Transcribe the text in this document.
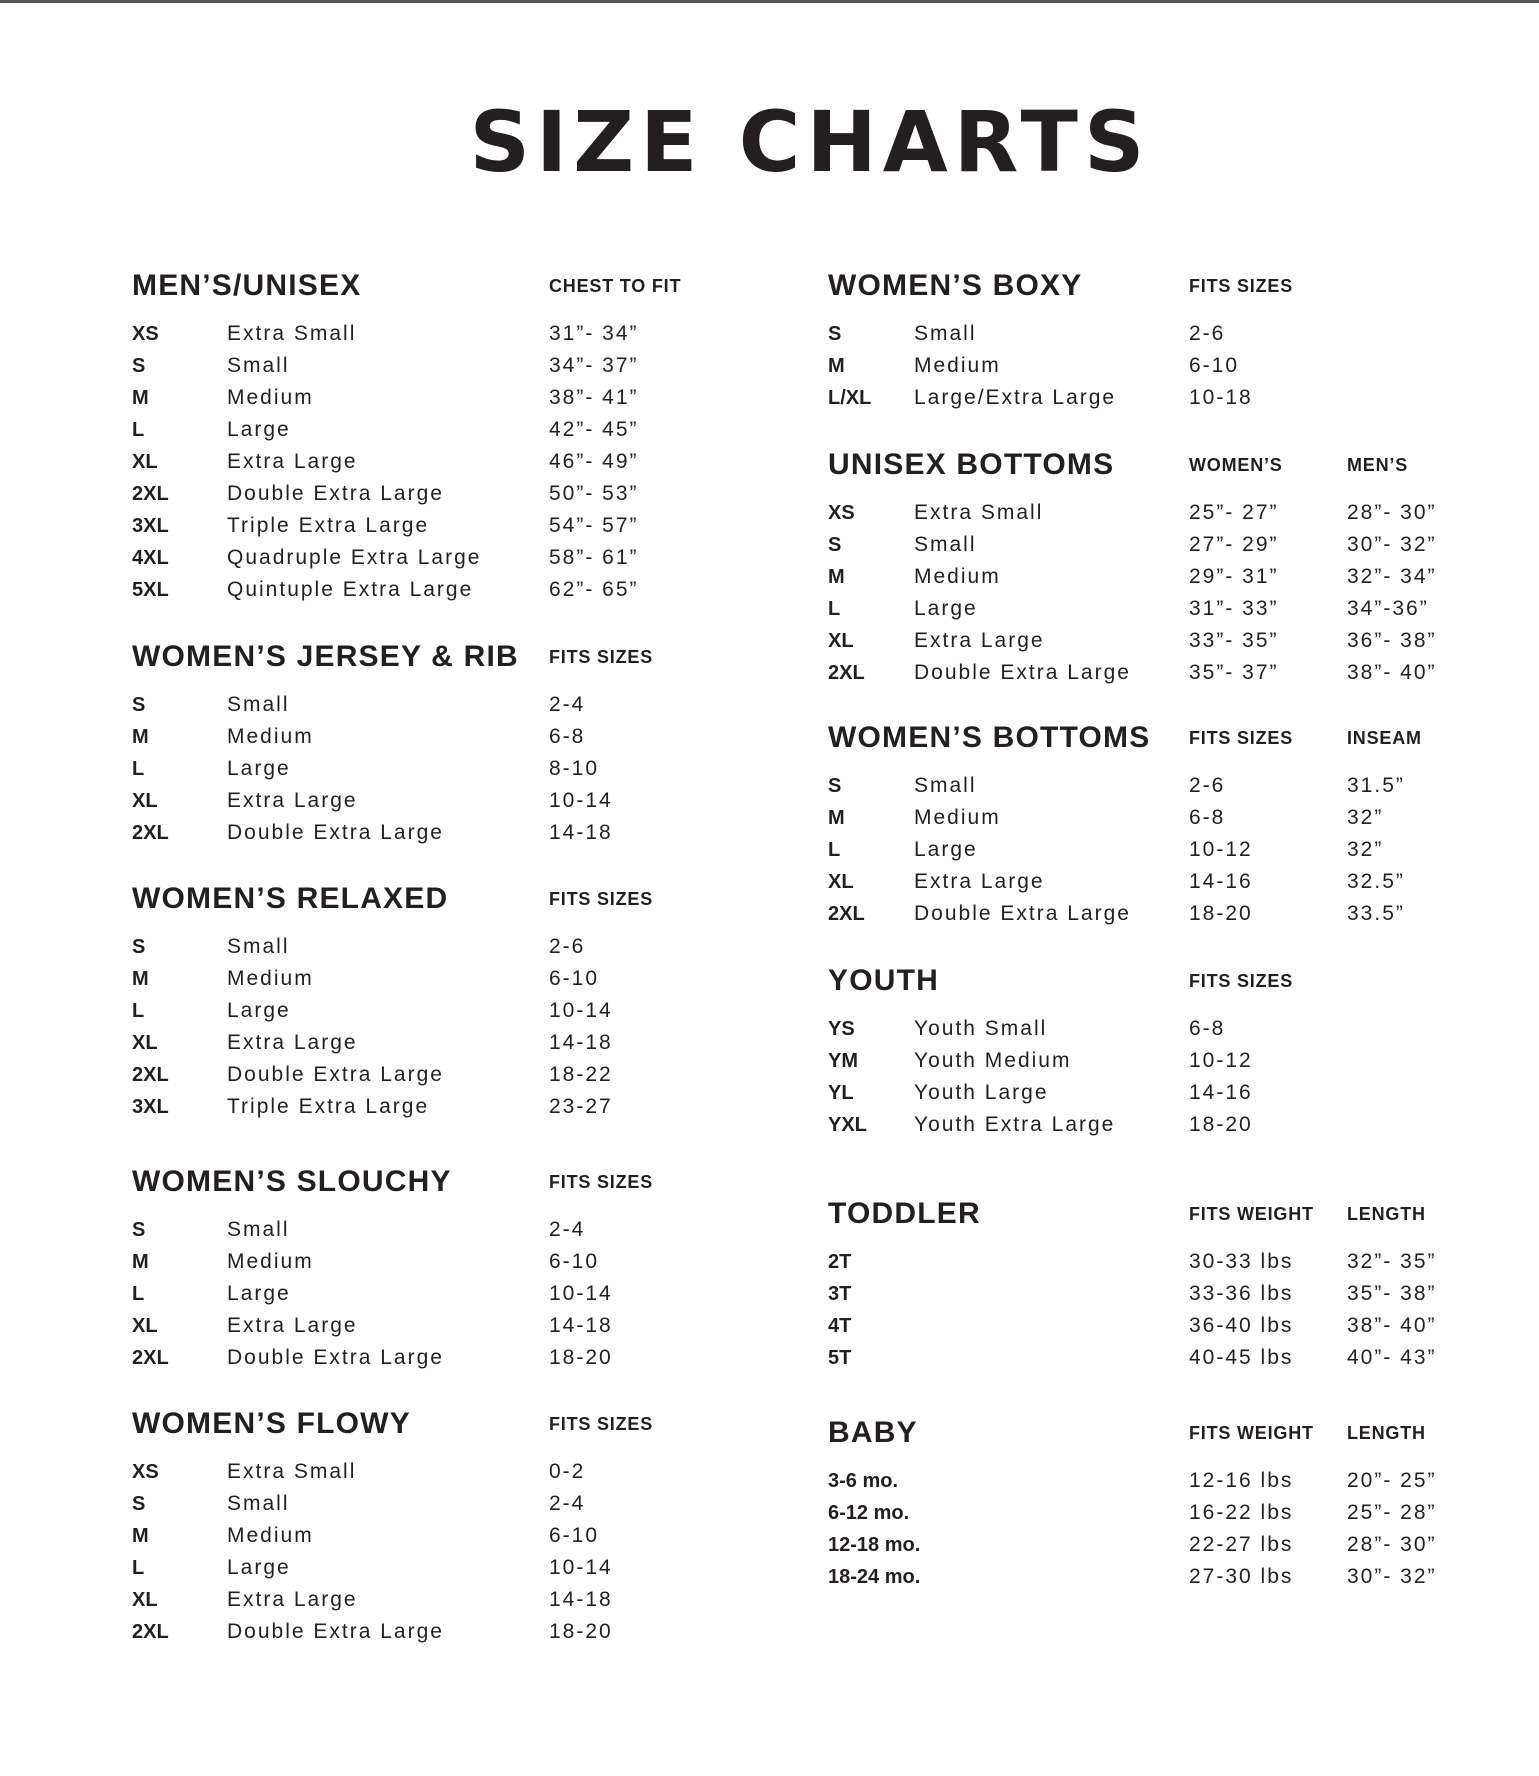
SIZE CHARTS
MEN’S/UNISEX	CHEST TO FIT
XS	Extra Small	31”- 34”
S	Small	34”- 37”
M	Medium	38”- 41”
L	Large	42”- 45”
XL	Extra Large	46”- 49”
2XL	Double Extra Large	50”- 53”
3XL	Triple Extra Large	54”- 57”
4XL	Quadruple Extra Large	58”- 61”
5XL	Quintuple Extra Large	62”- 65”
WOMEN’S JERSEY & RIB FITS SIZES
S	Small	2-4
M	Medium	6-8
L	Large	8-10
XL	Extra Large	10-14
2XL	Double Extra Large	14-18
WOMEN’S RELAXED	FITS SIZES
S	Small	2-6
M	Medium	6-10
L	Large	10-14
XL	Extra Large	14-18
2XL	Double Extra Large	18-22
3XL	Triple Extra Large	23-27
WOMEN’S SLOUCHY	FITS SIZES
S	Small	2-4
M	Medium	6-10
L	Large	10-14
XL	Extra Large	14-18
2XL	Double Extra Large	18-20
WOMEN’S FLOWY	FITS SIZES
XS	Extra Small	0-2
S	Small	2-4
M	Medium	6-10
L	Large	10-14
XL	Extra Large	14-18
2XL	Double Extra Large	18-20
WOMEN’S BOXY	FITS SIZES
S	Small	2-6
M	Medium	6-10
L/XL Large/Extra Large	10-18
UNISEX BOTTOMS	WOMEN’S	MEN’S
XS	Extra Small	25”- 27”	28”- 30”
S	Small	27”- 29”	30”- 32”
M	Medium	29”- 31”	32”- 34”
L	Large	31”- 33”	34”-36”
XL	Extra Large	33”- 35”	36”- 38”
2XL Double Extra Large	35”- 37”	38”- 40”
WOMEN’S BOTTOMS FITS SIZES	INSEAM
S	Small	2-6	31.5”
M	Medium	6-8	32”
L	Large	10-12	32”
XL	Extra Large	14-16	32.5”
2XL Double Extra Large	18-20	33.5”
YOUTH	FITS SIZES
YS	Youth Small	6-8
YM	Youth Medium	10-12
YL	Youth Large	14-16
YXL Youth Extra Large	18-20
TODDLER	FITS WEIGHT LENGTH
2T	30-33 lbs	32”- 35”
3T	33-36 lbs	35”- 38”
4T	36-40 lbs	38”- 40”
5T	40-45 lbs	40”- 43”
BABY	FITS WEIGHT LENGTH
3-6 mo.	12-16 lbs	20”- 25”
6-12 mo.	16-22 lbs	25”- 28”
12-18 mo.	22-27 lbs	28”- 30”
18-24 mo.	27-30 lbs	30”- 32”
